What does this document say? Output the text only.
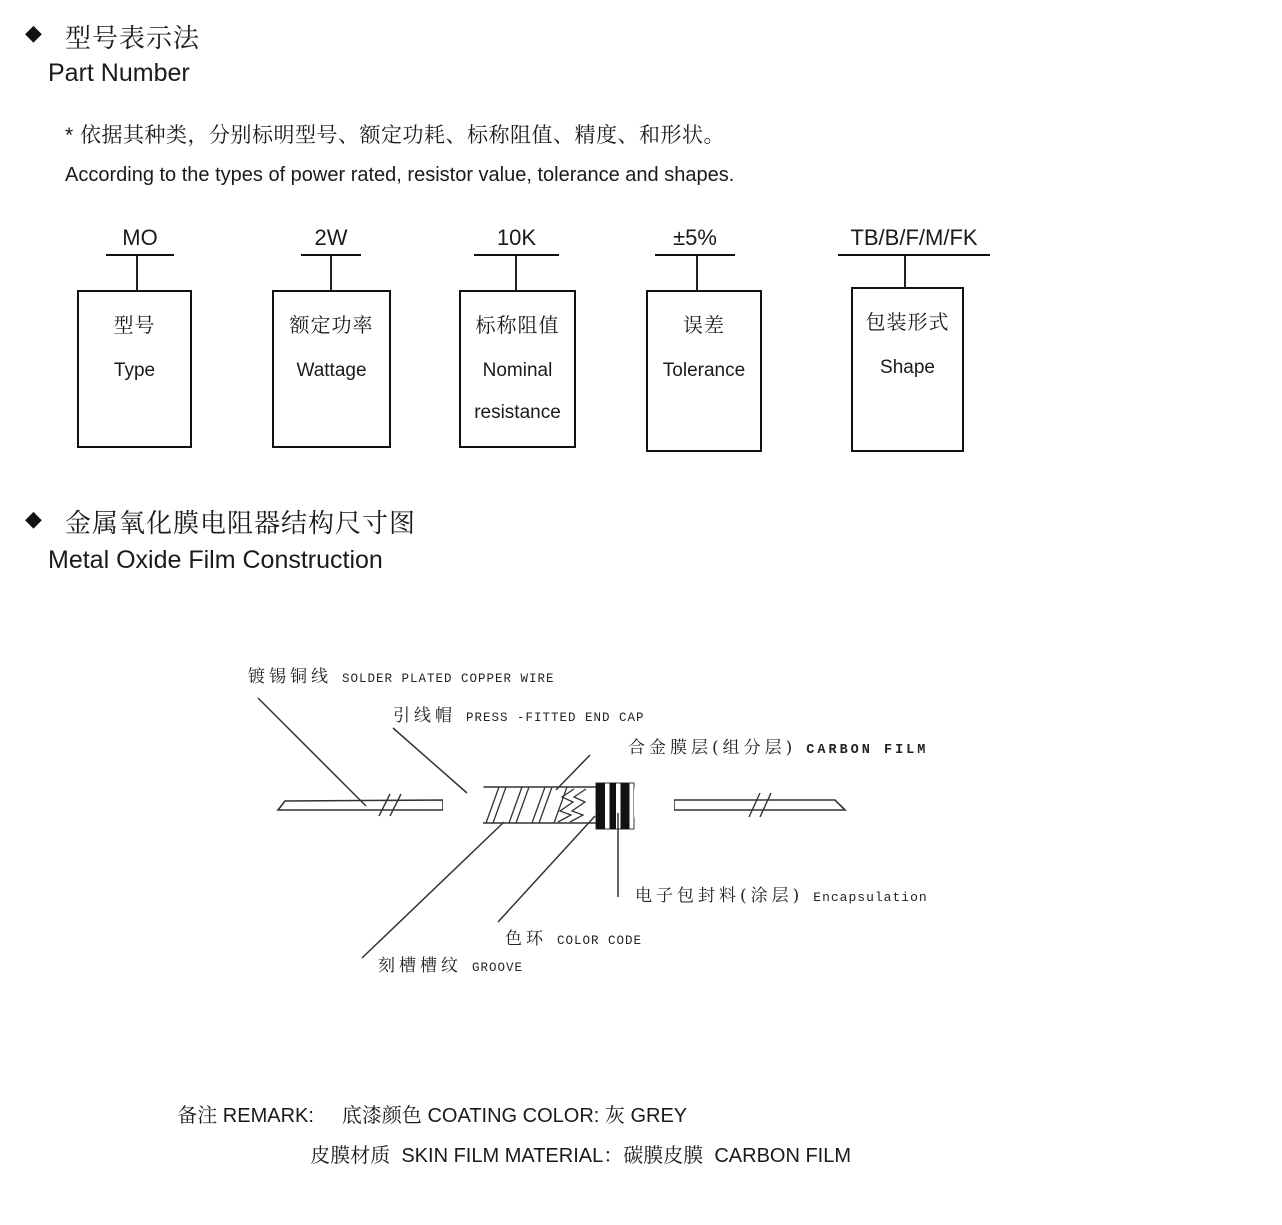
◆ 型号表示法
Part Number
* 依据其种类，分别标明型号、额定功耗、标称阻值、精度、和形状。
According to the types of power rated, resistor value, tolerance and shapes.
MO	2W	10K	±5%	TB/B/F/M/FK
型号
Type
额定功率
Wattage
标称阻值
Nominal
resistance
误差
Tolerance
包装形式
Shape
◆ 金属氧化膜电阻器结构尺寸图
Metal Oxide Film Construction
镀锡铜线 SOLDER PLATED COPPER WIRE
引线帽 PRESS -FITTED END CAP
合金膜层(组分层) CARBON FILM
电子包封料(涂层) Encapsulation
色环 COLOR CODE
刻槽槽纹 GROOVE

备注 REMARK: 底漆颜色 COATING COLOR: 灰 GREY

皮膜材质  SKIN FILM MATERIAL：碳膜皮膜  CARBON FILM
